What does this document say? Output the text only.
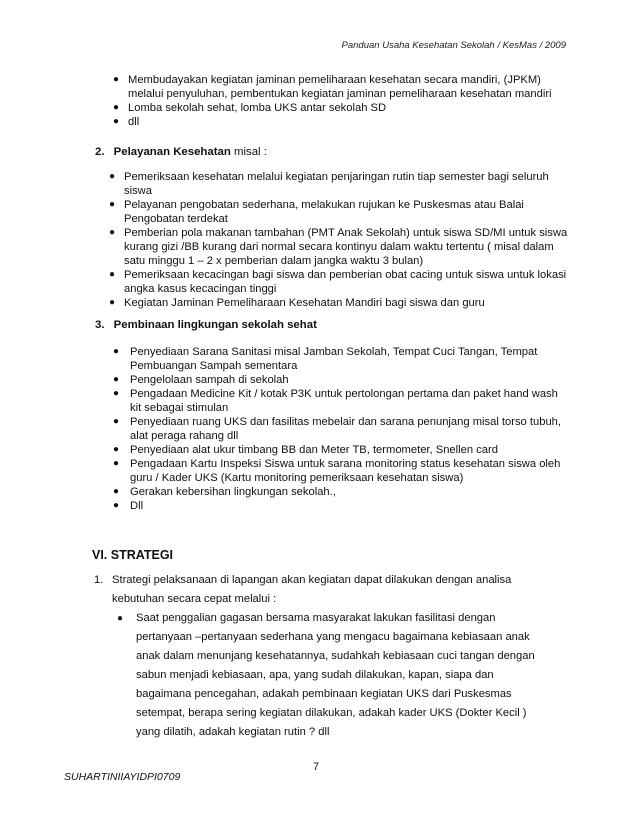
Panduan Usaha Kesehatan Sekolah / KesMas / 2009
● Membudayakan kegiatan jaminan pemeliharaan kesehatan secara mandiri, (JPKM) melalui penyuluhan, pembentukan kegiatan jaminan pemeliharaan kesehatan mandiri
● Lomba sekolah sehat, lomba UKS antar sekolah SD
● dll
2. Pelayanan Kesehatan misal :
● Pemeriksaan kesehatan melalui kegiatan penjaringan rutin tiap semester bagi seluruh siswa
● Pelayanan pengobatan sederhana, melakukan rujukan ke Puskesmas atau Balai Pengobatan terdekat
● Pemberian pola makanan tambahan (PMT Anak Sekolah) untuk siswa SD/MI untuk siswa kurang gizi /BB kurang dari normal secara kontinyu dalam waktu tertentu ( misal dalam satu minggu 1 – 2 x pemberian dalam jangka waktu 3 bulan)
● Pemeriksaan kecacingan bagi siswa dan pemberian obat cacing untuk siswa untuk lokasi angka kasus kecacingan tinggi
● Kegiatan Jaminan Pemeliharaan Kesehatan Mandiri bagi siswa dan guru
3. Pembinaan lingkungan sekolah sehat
● Penyediaan Sarana Sanitasi misal Jamban Sekolah, Tempat Cuci Tangan, Tempat Pembuangan Sampah sementara
● Pengelolaan sampah di sekolah
● Pengadaan Medicine Kit / kotak P3K untuk pertolongan pertama dan paket hand wash kit sebagai stimulan
● Penyediaan ruang UKS dan fasilitas mebelair dan sarana penunjang misal torso tubuh, alat peraga rahang dll
● Penyediaan alat ukur timbang BB dan Meter TB, termometer, Snellen card
● Pengadaan Kartu Inspeksi Siswa untuk sarana monitoring status kesehatan siswa oleh guru / Kader UKS (Kartu monitoring pemeriksaan kesehatan siswa)
● Gerakan kebersihan lingkungan sekolah.,
● Dll
VI. STRATEGI
1. Strategi pelaksanaan di lapangan akan kegiatan dapat dilakukan dengan analisa kebutuhan secara cepat melalui :
● Saat penggalian gagasan bersama masyarakat lakukan fasilitasi dengan pertanyaan –pertanyaan sederhana yang mengacu bagaimana kebiasaan anak anak dalam menunjang kesehatannya, sudahkah kebiasaan cuci tangan dengan sabun menjadi kebiasaan, apa, yang sudah dilakukan, kapan, siapa dan bagaimana pencegahan, adakah pembinaan kegiatan UKS dari Puskesmas setempat, berapa sering kegiatan dilakukan, adakah kader UKS (Dokter Kecil ) yang dilatih, adakah kegiatan rutin ? dll
7
SUHARTINIIAYIDPI0709
